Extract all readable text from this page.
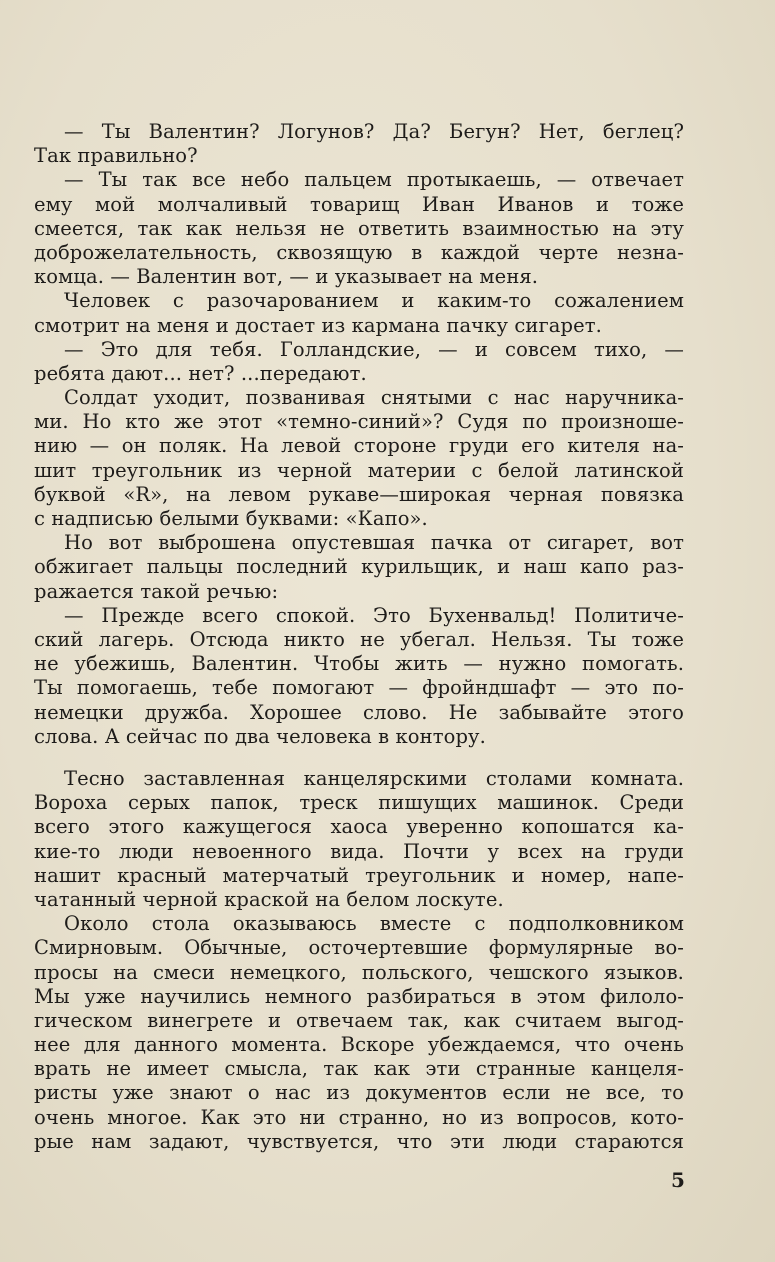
— Ты Валентин? Логунов? Да? Бегун? Нет, беглец?
Так правильно?
— Ты так все небо пальцем протыкаешь, — отвечает
ему мой молчаливый товарищ Иван Иванов и тоже
смеется, так как нельзя не ответить взаимностью на эту
доброжелательность, сквозящую в каждой черте незна-
комца. — Валентин вот, — и указывает на меня.
Человек с разочарованием и каким-то сожалением
смотрит на меня и достает из кармана пачку сигарет.
— Это для тебя. Голландские, — и совсем тихо, —
ребята дают... нет? ...передают.
Солдат уходит, позванивая снятыми с нас наручника-
ми. Но кто же этот «темно-синий»? Судя по произноше-
нию — он поляк. На левой стороне груди его кителя на-
шит треугольник из черной материи с белой латинской
буквой «R», на левом рукаве—широкая черная повязка
с надписью белыми буквами: «Капо».
Но вот выброшена опустевшая пачка от сигарет, вот
обжигает пальцы последний курильщик, и наш капо раз-
ражается такой речью:
— Прежде всего спокой. Это Бухенвальд! Политиче-
ский лагерь. Отсюда никто не убегал. Нельзя. Ты тоже
не убежишь, Валентин. Чтобы жить — нужно помогать.
Ты помогаешь, тебе помогают — фройндшафт — это по-
немецки дружба. Хорошее слово. Не забывайте этого
слова. А сейчас по два человека в контору.
Тесно заставленная канцелярскими столами комната.
Вороха серых папок, треск пишущих машинок. Среди
всего этого кажущегося хаоса уверенно копошатся ка-
кие-то люди невоенного вида. Почти у всех на груди
нашит красный матерчатый треугольник и номер, напе-
чатанный черной краской на белом лоскуте.
Около стола оказываюсь вместе с подполковником
Смирновым. Обычные, осточертевшие формулярные во-
просы на смеси немецкого, польского, чешского языков.
Мы уже научились немного разбираться в этом филоло-
гическом винегрете и отвечаем так, как считаем выгод-
нее для данного момента. Вскоре убеждаемся, что очень
врать не имеет смысла, так как эти странные канцеля-
ристы уже знают о нас из документов если не все, то
очень многое. Как это ни странно, но из вопросов, кото-
рые нам задают, чувствуется, что эти люди стараются
5
